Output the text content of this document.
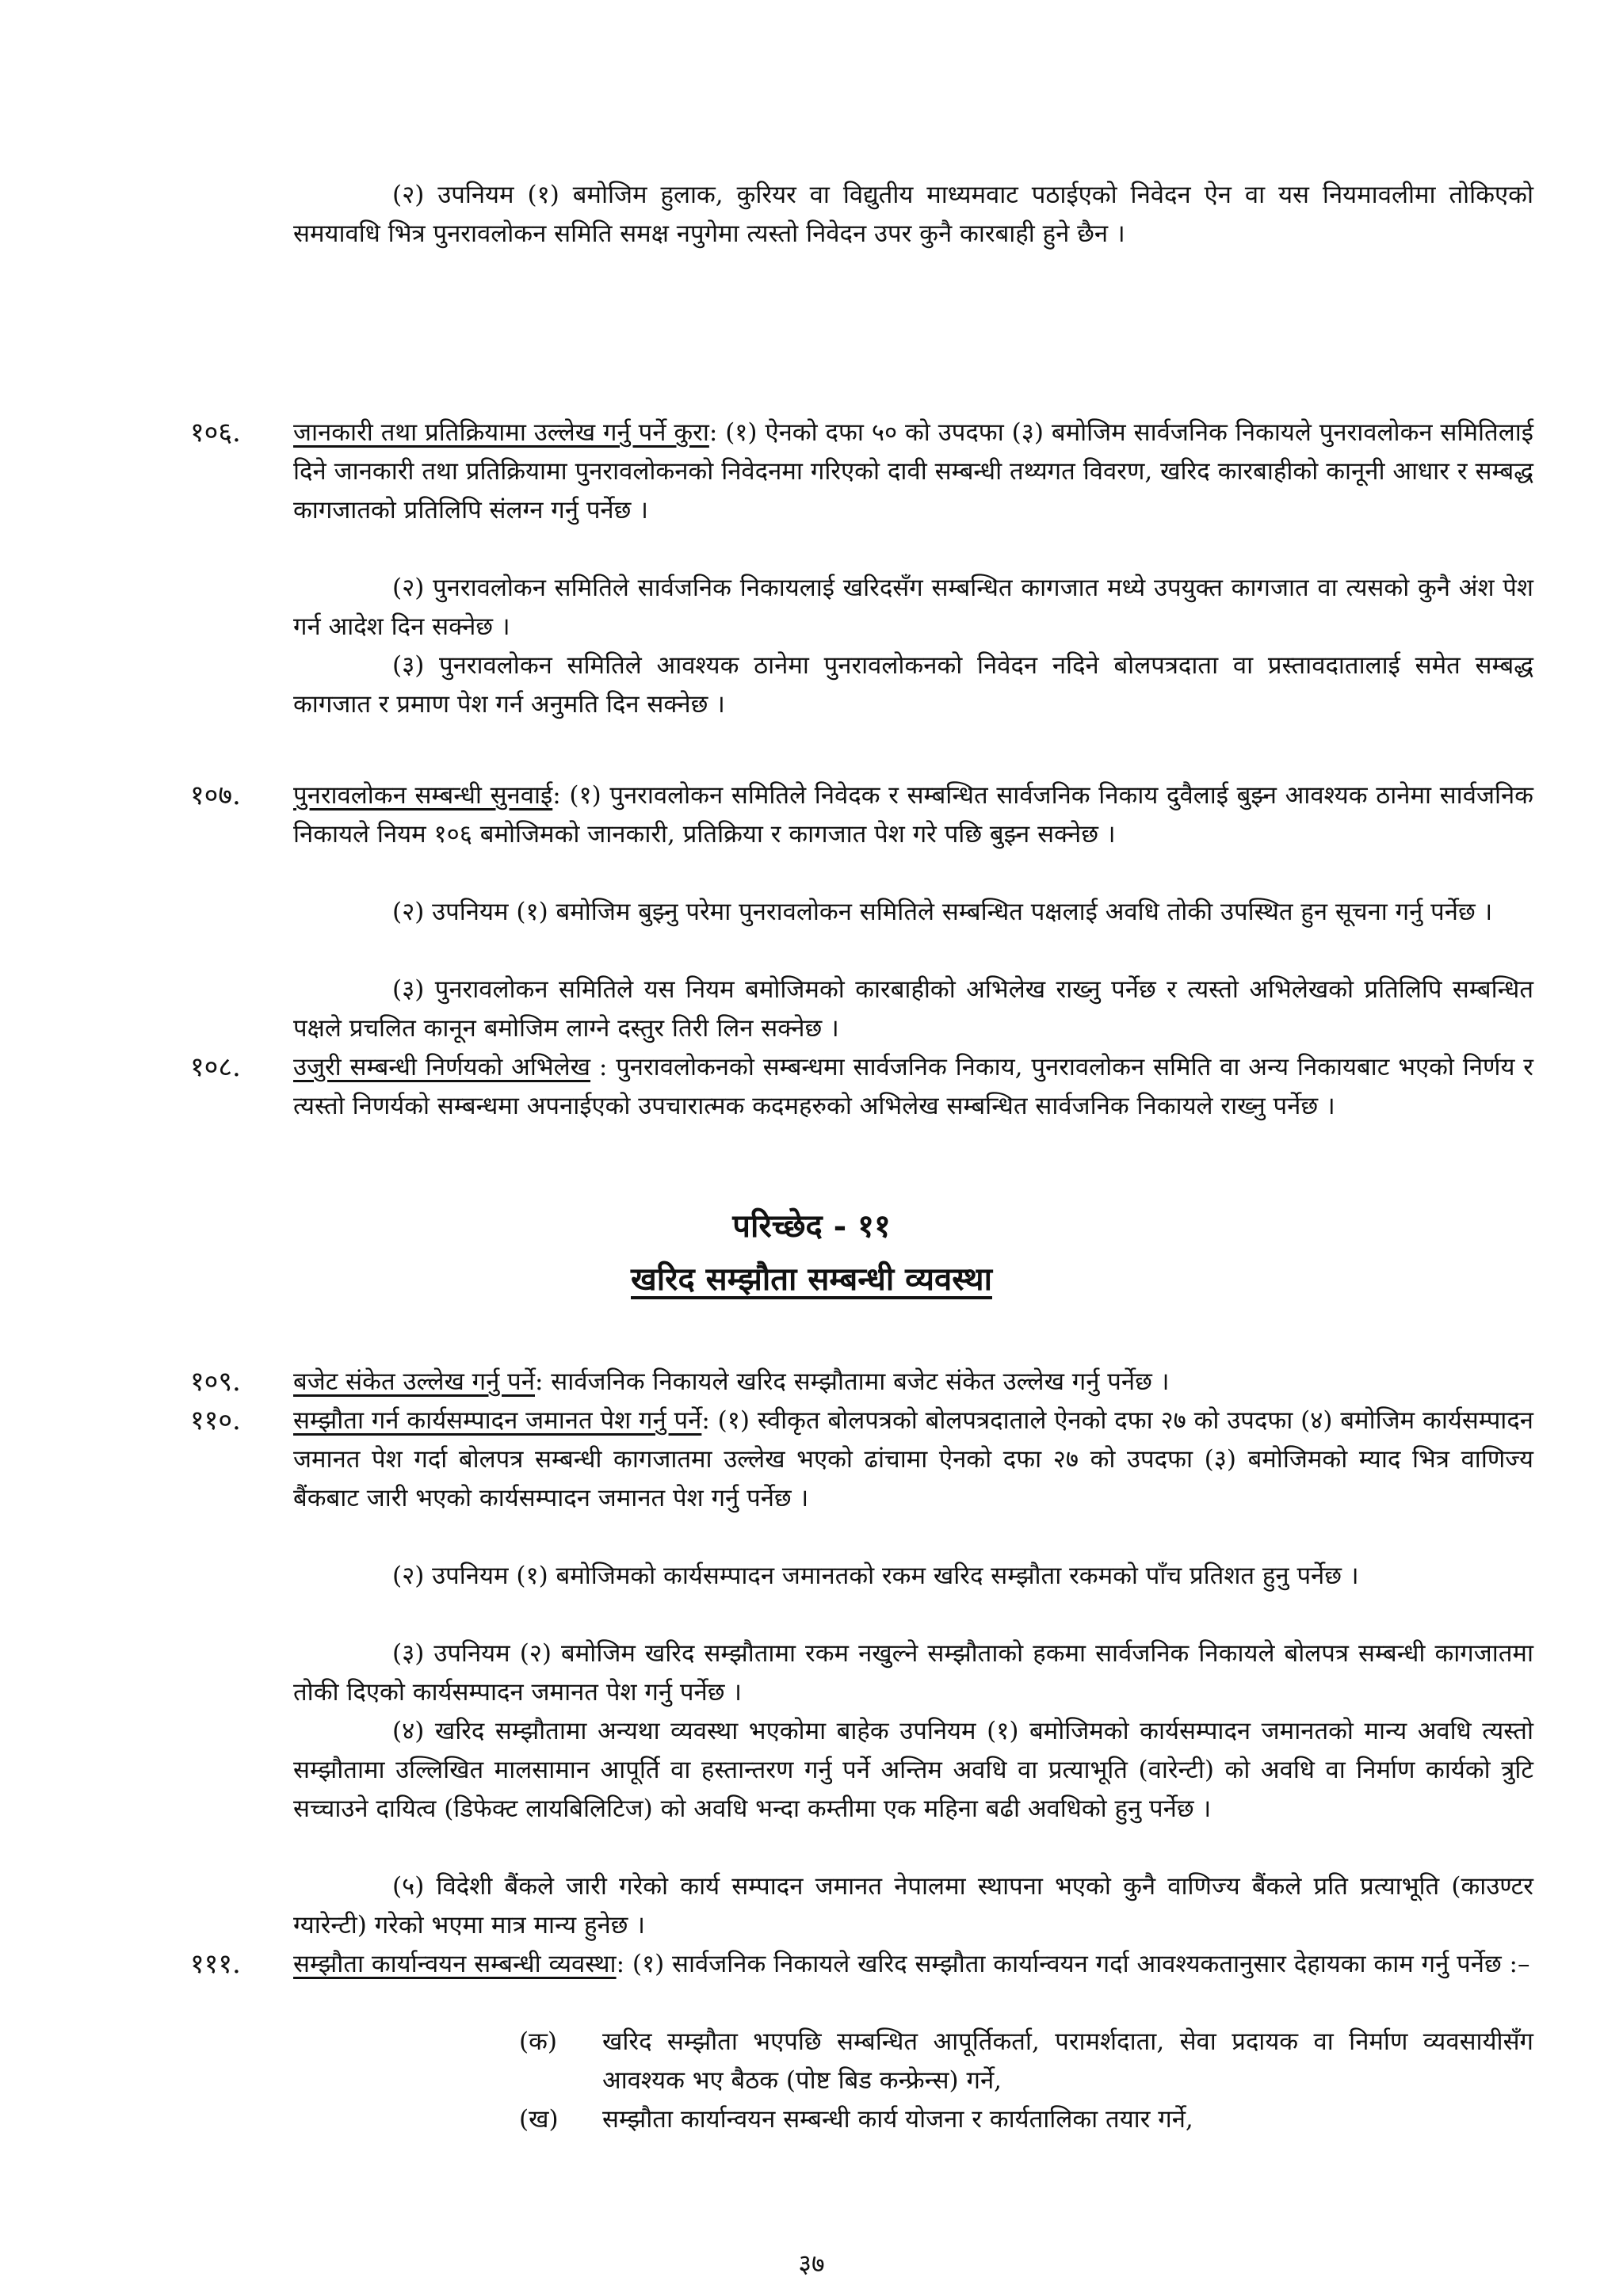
(२) उपनियम (१) बमोजिम हुलाक, कुरियर वा विद्युतीय माध्यमवाट पठाईएको निवेदन ऐन वा यस नियमावलीमा तोकिएको समयावधि भित्र पुनरावलोकन समिति समक्ष नपुगेमा त्यस्तो निवेदन उपर कुनै कारबाही हुने छैन ।
१०६. जानकारी तथा प्रतिक्रियामा उल्लेख गर्नु पर्ने कुरा: (१) ऐनको दफा ५० को उपदफा (३) बमोजिम सार्वजनिक निकायले पुनरावलोकन समितिलाई दिने जानकारी तथा प्रतिक्रियामा पुनरावलोकनको निवेदनमा गरिएको दावी सम्बन्धी तथ्यगत विवरण, खरिद कारबाहीको कानूनी आधार र सम्बद्ध कागजातको प्रतिलिपि संलग्न गर्नु पर्नेछ ।
(२) पुनरावलोकन समितिले सार्वजनिक निकायलाई खरिदसँग सम्बन्धित कागजात मध्ये उपयुक्त कागजात वा त्यसको कुनै अंश पेश गर्न आदेश दिन सक्नेछ ।
(३) पुनरावलोकन समितिले आवश्यक ठानेमा पुनरावलोकनको निवेदन नदिने बोलपत्रदाता वा प्रस्तावदातालाई समेत सम्बद्ध कागजात र प्रमाण पेश गर्न अनुमति दिन सक्नेछ ।
१०७. पुनरावलोकन सम्बन्धी सुनवाई: (१) पुनरावलोकन समितिले निवेदक र सम्बन्धित सार्वजनिक निकाय दुवैलाई बुझ्न आवश्यक ठानेमा सार्वजनिक निकायले नियम १०६ बमोजिमको जानकारी, प्रतिक्रिया र कागजात पेश गरे पछि बुझ्न सक्नेछ ।
(२) उपनियम (१) बमोजिम बुझ्नु परेमा पुनरावलोकन समितिले सम्बन्धित पक्षलाई अवधि तोकी उपस्थित हुन सूचना गर्नु पर्नेछ ।
(३) पुनरावलोकन समितिले यस नियम बमोजिमको कारबाहीको अभिलेख राख्नु पर्नेछ र त्यस्तो अभिलेखको प्रतिलिपि सम्बन्धित पक्षले प्रचलित कानून बमोजिम लाग्ने दस्तुर तिरी लिन सक्नेछ ।
१०८. उजुरी सम्बन्धी निर्णयको अभिलेख : पुनरावलोकनको सम्बन्धमा सार्वजनिक निकाय, पुनरावलोकन समिति वा अन्य निकायबाट भएको निर्णय र त्यस्तो निणर्यको सम्बन्धमा अपनाईएको उपचारात्मक कदमहरुको अभिलेख सम्बन्धित सार्वजनिक निकायले राख्नु पर्नेछ ।
परिच्छेद - ११
खरिद सम्झौता सम्बन्धी व्यवस्था
१०९. बजेट संकेत उल्लेख गर्नु पर्ने: सार्वजनिक निकायले खरिद सम्झौतामा बजेट संकेत उल्लेख गर्नु पर्नेछ ।
११०. सम्झौता गर्न कार्यसम्पादन जमानत पेश गर्नु पर्ने: (१) स्वीकृत बोलपत्रको बोलपत्रदाताले ऐनको दफा २७ को उपदफा (४) बमोजिम कार्यसम्पादन जमानत पेश गर्दा बोलपत्र सम्बन्धी कागजातमा उल्लेख भएको ढांचामा ऐनको दफा २७ को उपदफा (३) बमोजिमको म्याद भित्र वाणिज्य बैंकबाट जारी भएको कार्यसम्पादन जमानत पेश गर्नु पर्नेछ ।
(२) उपनियम (१) बमोजिमको कार्यसम्पादन जमानतको रकम खरिद सम्झौता रकमको पाँच प्रतिशत हुनु पर्नेछ ।
(३) उपनियम (२) बमोजिम खरिद सम्झौतामा रकम नखुल्ने सम्झौताको हकमा सार्वजनिक निकायले बोलपत्र सम्बन्धी कागजातमा तोकी दिएको कार्यसम्पादन जमानत पेश गर्नु पर्नेछ ।
(४) खरिद सम्झौतामा अन्यथा व्यवस्था भएकोमा बाहेक उपनियम (१) बमोजिमको कार्यसम्पादन जमानतको मान्य अवधि त्यस्तो सम्झौतामा उल्लिखित मालसामान आपूर्ति वा हस्तान्तरण गर्नु पर्ने अन्तिम अवधि वा प्रत्याभूति (वारेन्टी) को अवधि वा निर्माण कार्यको त्रुटि सच्चाउने दायित्व (डिफेक्ट लायबिलिटिज) को अवधि भन्दा कम्तीमा एक महिना बढी अवधिको हुनु पर्नेछ ।
(५) विदेशी बैंकले जारी गरेको कार्य सम्पादन जमानत नेपालमा स्थापना भएको कुनै वाणिज्य बैंकले प्रति प्रत्याभूति (काउण्टर ग्यारेन्टी) गरेको भएमा मात्र मान्य हुनेछ ।
१११. सम्झौता कार्यान्वयन सम्बन्धी व्यवस्था: (१) सार्वजनिक निकायले खरिद सम्झौता कार्यान्वयन गर्दा आवश्यकतानुसार देहायका काम गर्नु पर्नेछ :–
(क) खरिद सम्झौता भएपछि सम्बन्धित आपूर्तिकर्ता, परामर्शदाता, सेवा प्रदायक वा निर्माण व्यवसायीसँग आवश्यक भए बैठक (पोष्ट बिड कन्फ्रेन्स) गर्ने,
(ख) सम्झौता कार्यान्वयन सम्बन्धी कार्य योजना र कार्यतालिका तयार गर्ने,
३७
